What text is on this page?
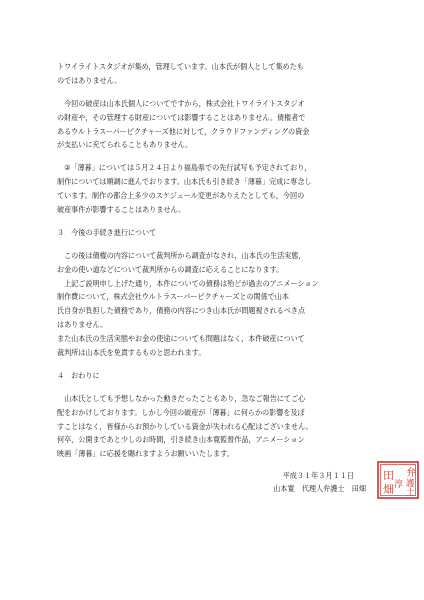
トワイライトスタジオが集め，管理しています。山本氏が個人として集めたも
のではありません。
　今回の破産は山本氏個人についてですから，株式会社トワイライトスタジオ
の財産や，その管理する財産については影響することはありません。債権者で
あるウルトラスーパーピクチャーズ他に対して，クラウドファンディングの資金
が支払いに充てられることもありません。
　②「薄暮」については５月２４日より福島県での先行試写も予定されており，
制作については順調に進んでおります。山本氏も引き続き「薄暮」完成に専念し
ています。制作の都合上多少のスケジュール変更がありえたとしても，今回の
破産事件が影響することはありません。
３　今後の手続き進行について
　この後は債権の内容について裁判所から調査がなされ，山本氏の生活実態，
お金の使い道などについて裁判所からの調査に応えることになります。
　上記ご説明申し上げた通り，本件についての債務は殆どが過去のアニメーション
制作費について，株式会社ウルトラスーパーピクチャーズとの関係で山本
氏自身が負担した債務であり，債務の内容につき山本氏が問題視されるべき点
はありません。
また山本氏の生活実態やお金の使途についても問題はなく，本件破産について
裁判所は山本氏を免責するものと思われます。
４　おわりに
　山本氏としても予想しなかった動きだったこともあり，急なご報告にてご心
配をおかけしております。しかし今回の破産が「薄暮」に何らかの影響を及ぼ
すことはなく，皆様からお預かりしている資金が失われる心配はございません。
何卒，公開まであと少しのお時間，引き続き山本寛監督作品，アニメーション
映画「薄暮」に応援を賜れますようお願いいたします。
平成３１年３月１１日
山本寛　代理人弁護士　田畑　
弁
護
士
田
畑 淳
